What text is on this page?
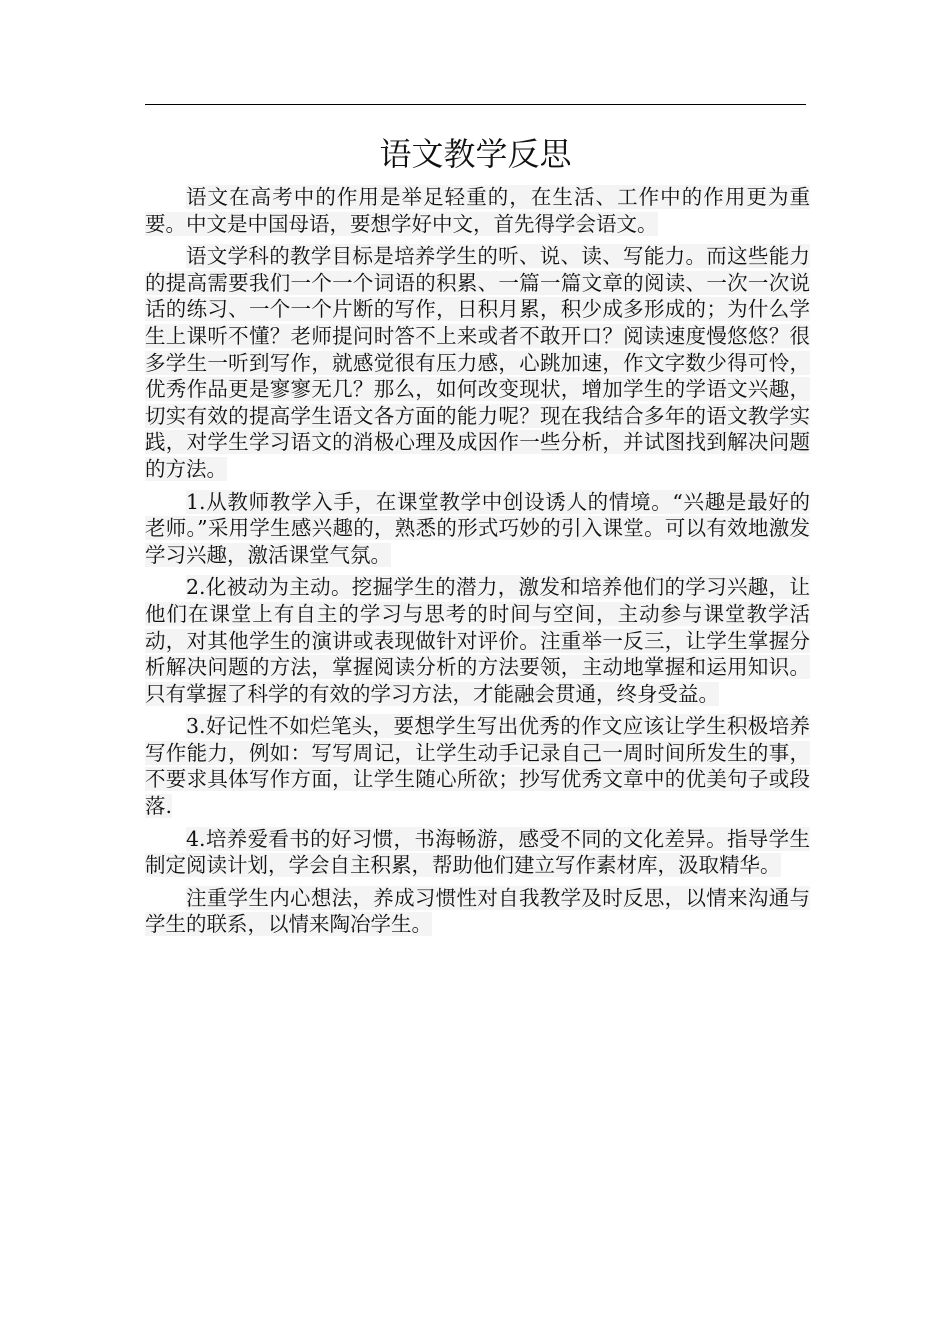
语文教学反思

语文在高考中的作用是举足轻重的，在生活、工作中的作用更为重要。中文是中国母语，要想学好中文，首先得学会语文。

语文学科的教学目标是培养学生的听、说、读、写能力。而这些能力的提高需要我们一个一个词语的积累、一篇一篇文章的阅读、一次一次说话的练习、一个一个片断的写作，日积月累，积少成多形成的；为什么学生上课听不懂？老师提问时答不上来或者不敢开口？阅读速度慢悠悠？很多学生一听到写作，就感觉很有压力感，心跳加速，作文字数少得可怜，优秀作品更是寥寥无几？那么，如何改变现状，增加学生的学语文兴趣，切实有效的提高学生语文各方面的能力呢？现在我结合多年的语文教学实践，对学生学习语文的消极心理及成因作一些分析，并试图找到解决问题的方法。

1.从教师教学入手，在课堂教学中创设诱人的情境。“兴趣是最好的老师。”采用学生感兴趣的，熟悉的形式巧妙的引入课堂。可以有效地激发学习兴趣，激活课堂气氛。

2.化被动为主动。挖掘学生的潜力，激发和培养他们的学习兴趣，让他们在课堂上有自主的学习与思考的时间与空间，主动参与课堂教学活动，对其他学生的演讲或表现做针对评价。注重举一反三，让学生掌握分析解决问题的方法，掌握阅读分析的方法要领，主动地掌握和运用知识。只有掌握了科学的有效的学习方法，才能融会贯通，终身受益。

3.好记性不如烂笔头，要想学生写出优秀的作文应该让学生积极培养写作能力，例如：写写周记，让学生动手记录自己一周时间所发生的事，不要求具体写作方面，让学生随心所欲；抄写优秀文章中的优美句子或段落.

4.培养爱看书的好习惯，书海畅游，感受不同的文化差异。指导学生制定阅读计划，学会自主积累，帮助他们建立写作素材库，汲取精华。

注重学生内心想法，养成习惯性对自我教学及时反思，以情来沟通与学生的联系，以情来陶冶学生。
